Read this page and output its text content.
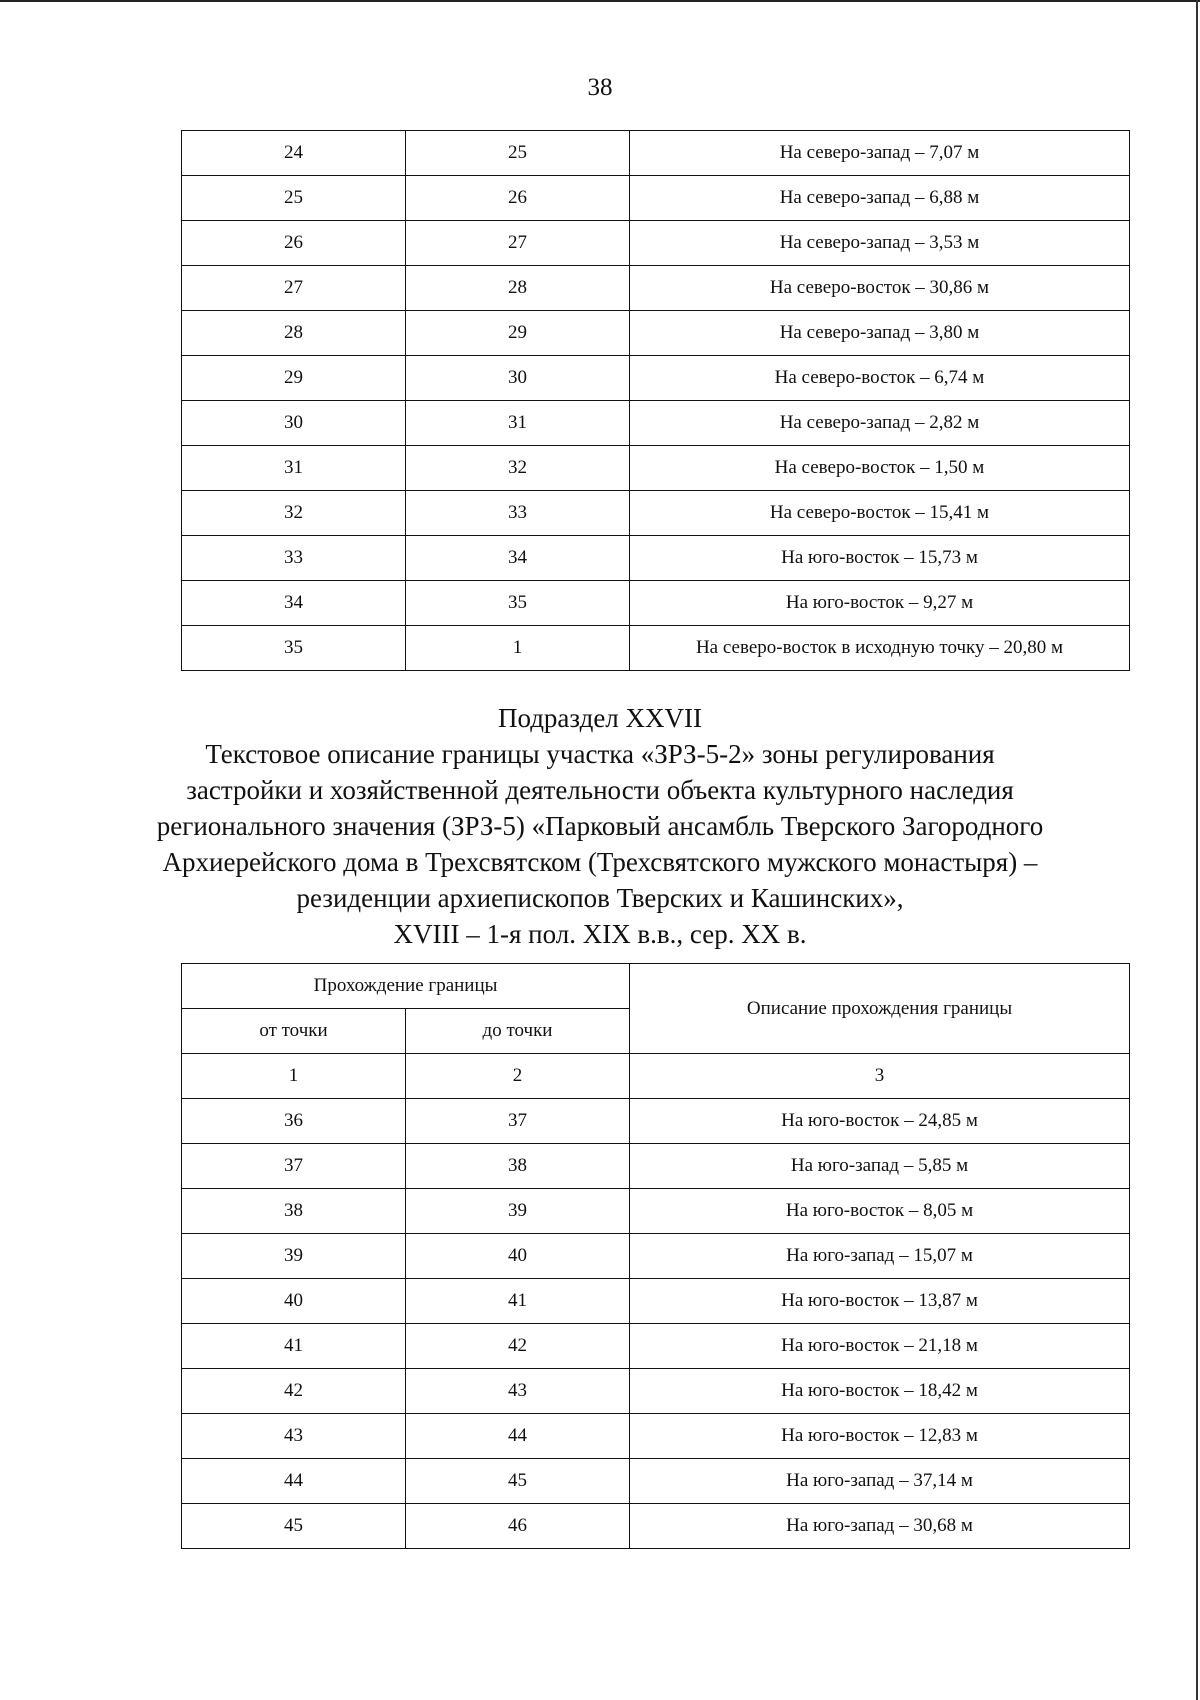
38
24	25	На северо-запад – 7,07 м
25	26	На северо-запад – 6,88 м
26	27	На северо-запад – 3,53 м
27	28	На северо-восток – 30,86 м
28	29	На северо-запад – 3,80 м
29	30	На северо-восток – 6,74 м
30	31	На северо-запад – 2,82 м
31	32	На северо-восток – 1,50 м
32	33	На северо-восток – 15,41 м
33	34	На юго-восток – 15,73 м
34	35	На юго-восток – 9,27 м
35	1	На северо-восток в исходную точку – 20,80 м
Подраздел XXVII
Текстовое описание границы участка «ЗРЗ-5-2» зоны регулирования
застройки и хозяйственной деятельности объекта культурного наследия
регионального значения (ЗРЗ-5) «Парковый ансамбль Тверского Загородного
Архиерейского дома в Трехсвятском (Трехсвятского мужского монастыря) –
резиденции архиепископов Тверских и Кашинских»,
XVIII – 1-я пол. XIX в.в., сер. XX в.
Прохождение границы		Описание прохождения границы
от точки	до точки	
1	2	3
36	37	На юго-восток – 24,85 м
37	38	На юго-запад – 5,85 м
38	39	На юго-восток – 8,05 м
39	40	На юго-запад – 15,07 м
40	41	На юго-восток – 13,87 м
41	42	На юго-восток – 21,18 м
42	43	На юго-восток – 18,42 м
43	44	На юго-восток – 12,83 м
44	45	На юго-запад – 37,14 м
45	46	На юго-запад – 30,68 м
